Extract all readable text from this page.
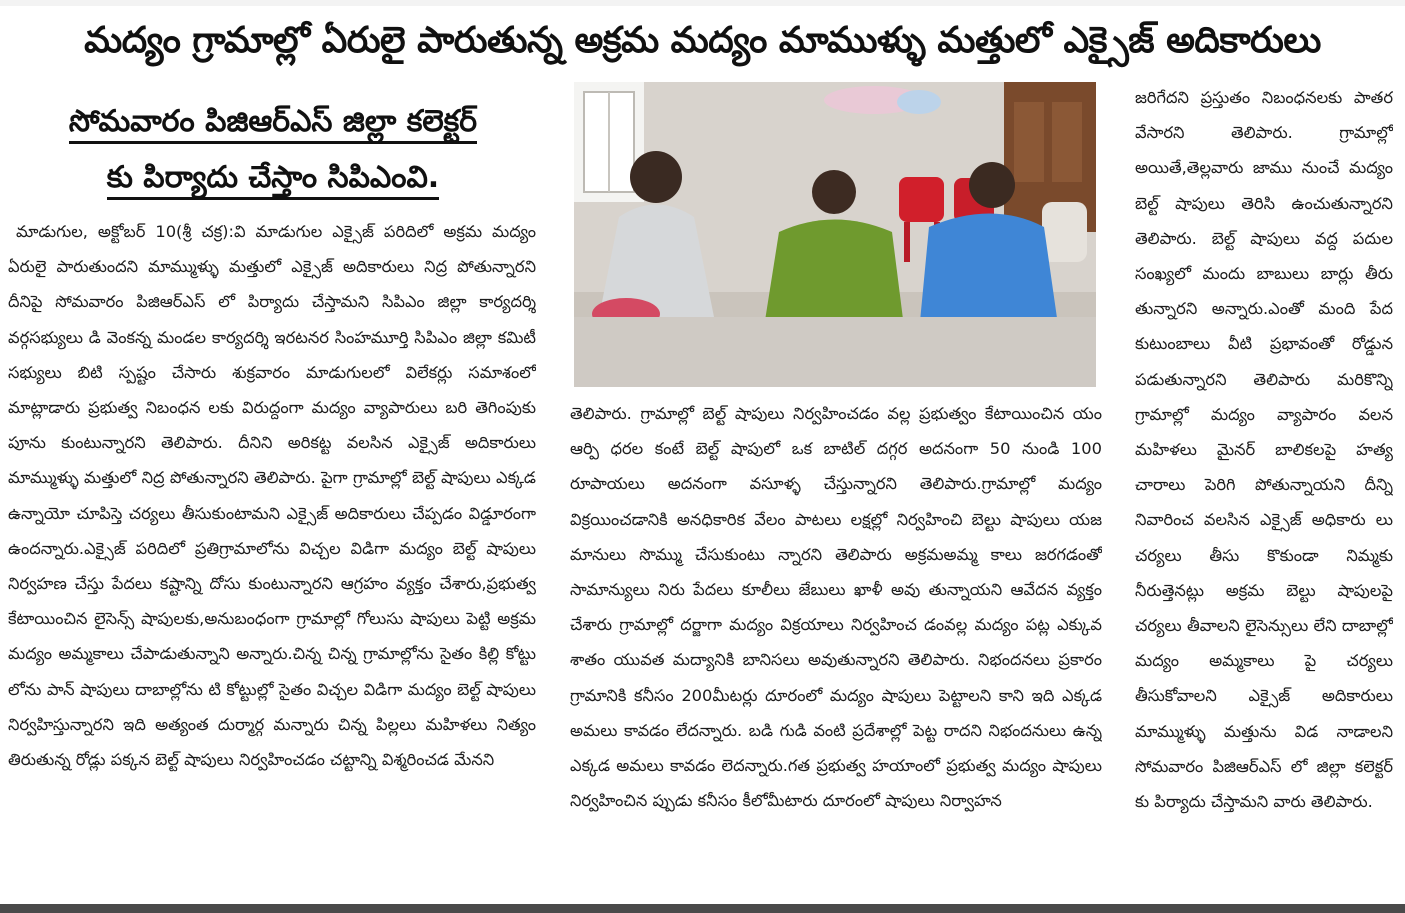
మద్యం గ్రామాల్లో ఏరులై పారుతున్న అక్రమ మద్యం మాముళ్ళు మత్తులో ఎక్సైజ్ అదికారులు
సోమవారం పిజిఆర్ఎస్ జిల్లా కలెక్టర్
కు పిర్యాదు చేస్తాం సిపిఎంవి.
మాడుగుల, అక్టోబర్ 10(శ్రీ చక్ర):వి మాడుగుల ఎక్సైజ్ పరిదిలో అక్రమ మద్యం ఏరులై పారుతుందని మామ్ముళ్ళు మత్తులో ఎక్సైజ్ అదికారులు నిద్ర పోతున్నారని దీనిపై సోమవారం పిజిఆర్ఎస్ లో పిర్యాదు చేస్తామని సిపిఎం జిల్లా కార్యదర్శి వర్గసభ్యులు డి వెంకన్న మండల కార్యదర్శి ఇరటనర సింహమూర్తి సిపిఎం జిల్లా కమిటీ సభ్యులు బిటి స్పష్టం చేసారు శుక్రవారం మాడుగులలో విలేకర్లు సమాశంలో మాట్లాడారు ప్రభుత్వ నిబంధన లకు విరుద్దంగా మద్యం వ్యాపారులు బరి తెగింపుకు పూను కుంటున్నారని తెలిపారు. దీనిని అరికట్ట వలసిన ఎక్సైజ్ అదికారులు మామ్ముళ్ళు మత్తులో నిద్ర పోతున్నారని తెలిపారు. పైగా గ్రామాల్లో బెల్ట్ షాపులు ఎక్కడ ఉన్నాయో చూపిస్తె చర్యలు తీసుకుంటామని ఎక్సైజ్ అదికారులు చేప్పడం విడ్డూరంగా ఉందన్నారు.ఎక్సైజ్ పరిదిలో ప్రతిగ్రామాలోను విచ్చల విడిగా మద్యం బెల్ట్ షాపులు నిర్వహణ చేస్తు పేదలు కష్టాన్ని దోసు కుంటున్నారని ఆగ్రహం వ్యక్తం చేశారు,ప్రభుత్వ కేటాయించిన లైసెన్స్ షాపులకు,అనుబంధంగా గ్రామాల్లో గోలుసు షాపులు పెట్టి అక్రమ మద్యం అమ్మకాలు చేపాడుతున్నాని అన్నారు.చిన్న చిన్న గ్రామాల్లోను సైతం కిల్లి కోట్టు లోను పాన్ షాపులు దాబాల్లోను టి కోట్టుల్లో సైతం విచ్చల విడిగా మద్యం బెల్ట్ షాపులు నిర్వహిస్తున్నారని ఇది అత్యంత దుర్మార్గ మన్నారు చిన్న పిల్లలు మహిళలు నిత్యం తిరుతున్న రోడ్లు పక్కన బెల్ట్ షాపులు నిర్వహించడం చట్టాన్ని విశ్మరించడ మేనని
తెలిపారు. గ్రామాల్లో బెల్ట్ షాపులు నిర్వహించడం వల్ల ప్రభుత్వం కేటాయించిన యం ఆర్పి ధరల కంటే బెల్ట్ షాపులో ఒక బాటిల్ దగ్గర అదనంగా 50 నుండి 100 రూపాయలు అదనంగా వసూళ్ళ చేస్తున్నారని తెలిపారు.గ్రామాల్లో మద్యం విక్రయించడానికి అనధికారిక వేలం పాటలు లక్షల్లో నిర్వహించి బెల్టు షాపులు యజ మానులు సొమ్ము చేసుకుంటు న్నారని తెలిపారు అక్రమఅమ్మ కాలు జరగడంతో సామాన్యులు నిరు పేదలు కూలీలు జేబులు ఖాళీ అవు తున్నాయని ఆవేదన వ్యక్తం చేశారు గ్రామాల్లో దర్జాగా మద్యం విక్రయాలు నిర్వహించ డంవల్ల మద్యం పట్ల ఎక్కువ శాతం యువత మద్యానికి బానిసలు అవుతున్నారని తెలిపారు. నిభందనలు ప్రకారం గ్రామానికి కనీసం 200మీటర్లు దూరంలో మద్యం షాపులు పెట్టాలని కాని ఇది ఎక్కడ అమలు కావడం లేదన్నారు. బడి గుడి వంటి ప్రదేశాల్లో పెట్ట రాదని నిభందనులు ఉన్న ఎక్కడ అమలు కావడం లెదన్నారు.గత ప్రభుత్వ హయాంలో ప్రభుత్వ మద్యం షాపులు నిర్వహించిన ప్పుడు కనీసం కీలోమీటారు దూరంలో షాపులు నిర్వాహన
జరిగేదని ప్రస్తుతం నిబంధనలకు పాతర వేసారని తెలిపారు. గ్రామాల్లో అయితే,తెల్లవారు జాము నుంచే మద్యం బెల్ట్ షాపులు తెరిసి ఉంచుతున్నారని తెలిపారు. బెల్ట్ షాపులు వద్ద పదుల సంఖ్యలో మందు బాబులు బార్లు తీరు తున్నారని అన్నారు.ఎంతో మంది పేద కుటుంబాలు వీటి ప్రభావంతో రోడ్డున పడుతున్నారని తెలిపారు మరికొన్ని గ్రామాల్లో మద్యం వ్యాపారం వలన మహిళలు మైనర్ బాలికలపై హత్య చారాలు పెరిగి పోతున్నాయని దీన్ని నివారించ వలసిన ఎక్సైజ్ అధికారు లు చర్యలు తీసు కొకుండా నిమ్మకు నీరుత్తెనట్లు అక్రమ బెల్టు షాపులపై చర్యలు తీవాలని లైసెన్సులు లేని దాబాల్లో మద్యం అమ్మకాలు పై చర్యలు తీసుకోవాలని ఎక్సైజ్ అదికారులు మామ్ముళ్ళు మత్తును విడ నాడాలని సోమవారం పిజిఆర్ఎస్ లో జిల్లా కలెక్టర్ కు పిర్యాదు చేస్తామని వారు తెలిపారు.
